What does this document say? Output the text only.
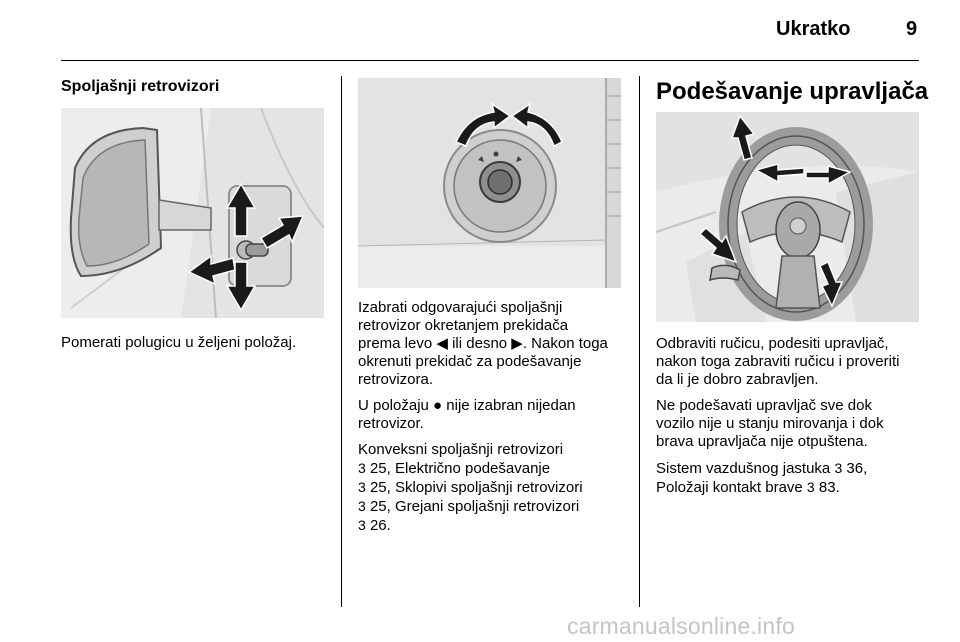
Ukratko	9
Spoljašnji retrovizori

Pomerati polugicu u željeni položaj.

Izabrati odgovarajući spoljašnji
retrovizor okretanjem prekidača
prema levo ◀ ili desno ▶. Nakon toga
okrenuti prekidač za podešavanje
retrovizora.

U položaju ● nije izabran nijedan
retrovizor.

Konveksni spoljašnji retrovizori
3 25, Električno podešavanje
3 25, Sklopivi spoljašnji retrovizori
3 25, Grejani spoljašnji retrovizori
3 26.

Podešavanje upravljača

Odbraviti ručicu, podesiti upravljač,
nakon toga zabraviti ručicu i proveriti
da li je dobro zabravljen.

Ne podešavati upravljač sve dok
vozilo nije u stanju mirovanja i dok
brava upravljača nije otpuštena.

Sistem vazdušnog jastuka 3 36,
Položaji kontakt brave 3 83.

carmanualsonline.info
